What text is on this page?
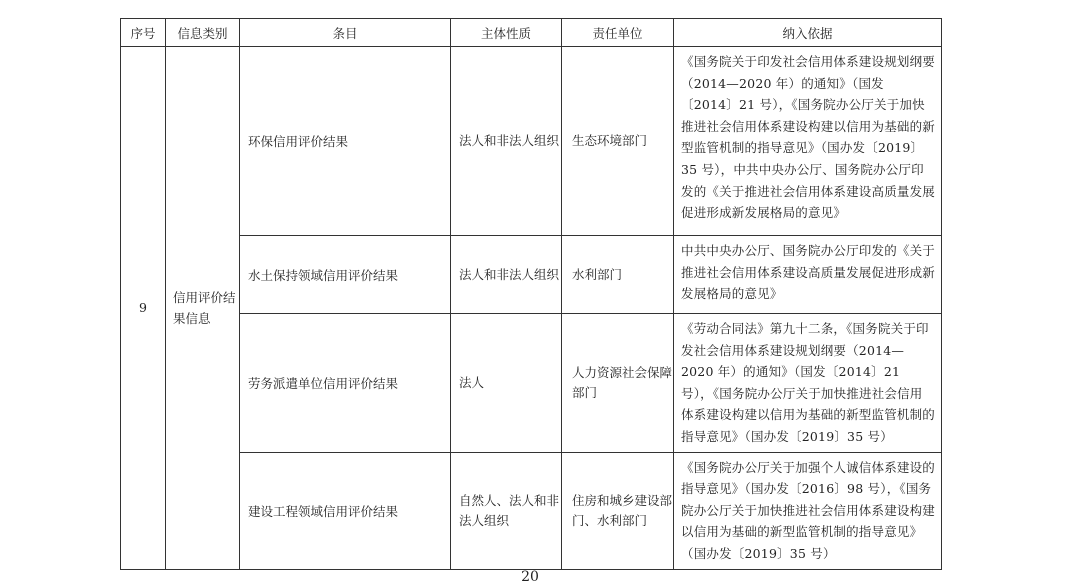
序号	信息类别	条目	主体性质	责任单位	纳入依据
9	信用评价结果信息	环保信用评价结果	法人和非法人组织	生态环境部门	《国务院关于印发社会信用体系建设规划纲要（2014—2020 年）的通知》（国发〔2014〕21 号），《国务院办公厅关于加快推进社会信用体系建设构建以信用为基础的新型监管机制的指导意见》（国办发〔2019〕35 号），中共中央办公厅、国务院办公厅印发的《关于推进社会信用体系建设高质量发展促进形成新发展格局的意见》
		水土保持领域信用评价结果	法人和非法人组织	水利部门	中共中央办公厅、国务院办公厅印发的《关于推进社会信用体系建设高质量发展促进形成新发展格局的意见》
		劳务派遣单位信用评价结果	法人	人力资源社会保障部门	《劳动合同法》第九十二条，《国务院关于印发社会信用体系建设规划纲要（2014—2020 年）的通知》（国发〔2014〕21 号），《国务院办公厅关于加快推进社会信用体系建设构建以信用为基础的新型监管机制的指导意见》（国办发〔2019〕35 号）
		建设工程领域信用评价结果	自然人、法人和非法人组织	住房和城乡建设部门、水利部门	《国务院办公厅关于加强个人诚信体系建设的指导意见》（国办发〔2016〕98 号），《国务院办公厅关于加快推进社会信用体系建设构建以信用为基础的新型监管机制的指导意见》（国办发〔2019〕35 号）
20
